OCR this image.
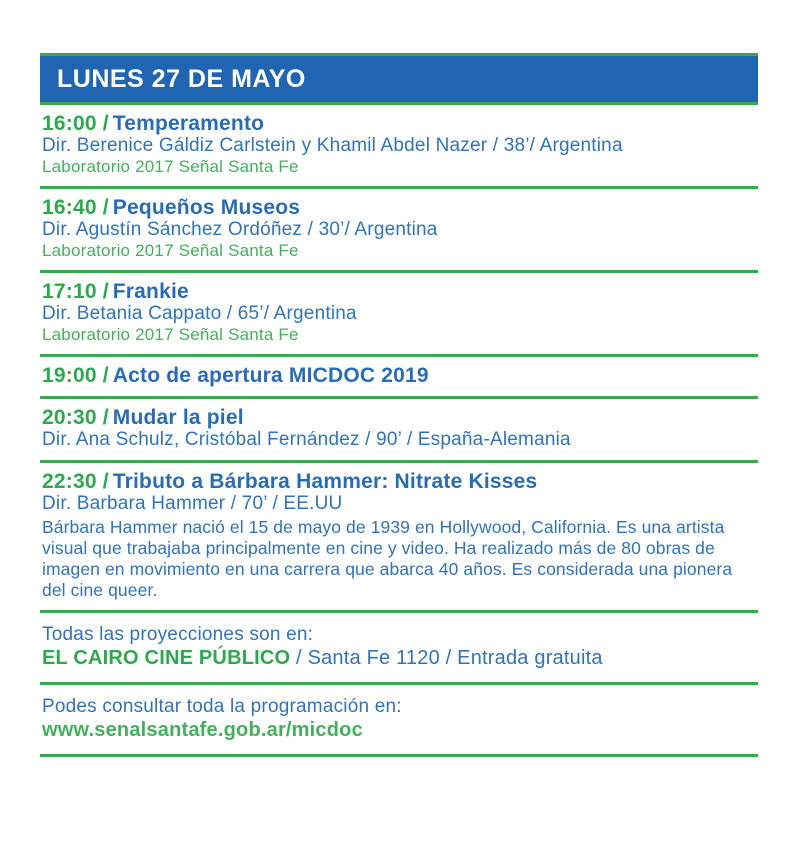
LUNES 27 DE MAYO
16:00 / Temperamento

Dir. Berenice Gáldiz Carlstein y Khamil Abdel Nazer / 38’/ Argentina

Laboratorio 2017 Señal Santa Fe

16:40 / Pequeños Museos

Dir. Agustín Sánchez Ordóñez / 30’/ Argentina

Laboratorio 2017 Señal Santa Fe

17:10 / Frankie

Dir. Betania Cappato / 65’/ Argentina

Laboratorio 2017 Señal Santa Fe

19:00 / Acto de apertura MICDOC 2019
20:30 / Mudar la piel

Dir. Ana Schulz, Cristóbal Fernández / 90’ / España-Alemania

22:30 / Tributo a Bárbara Hammer: Nitrate Kisses

Dir. Barbara Hammer / 70’ / EE.UU

Bárbara Hammer nació el 15 de mayo de 1939 en Hollywood, California. Es una artista visual que trabajaba principalmente en cine y video. Ha realizado más de 80 obras de imagen en movimiento en una carrera que abarca 40 años. Es considerada una pionera del cine queer.

Todas las proyecciones son en:

EL CAIRO CINE PÚBLICO / Santa Fe 1120 / Entrada gratuita

Podes consultar toda la programación en:

www.senalsantafe.gob.ar/micdoc
